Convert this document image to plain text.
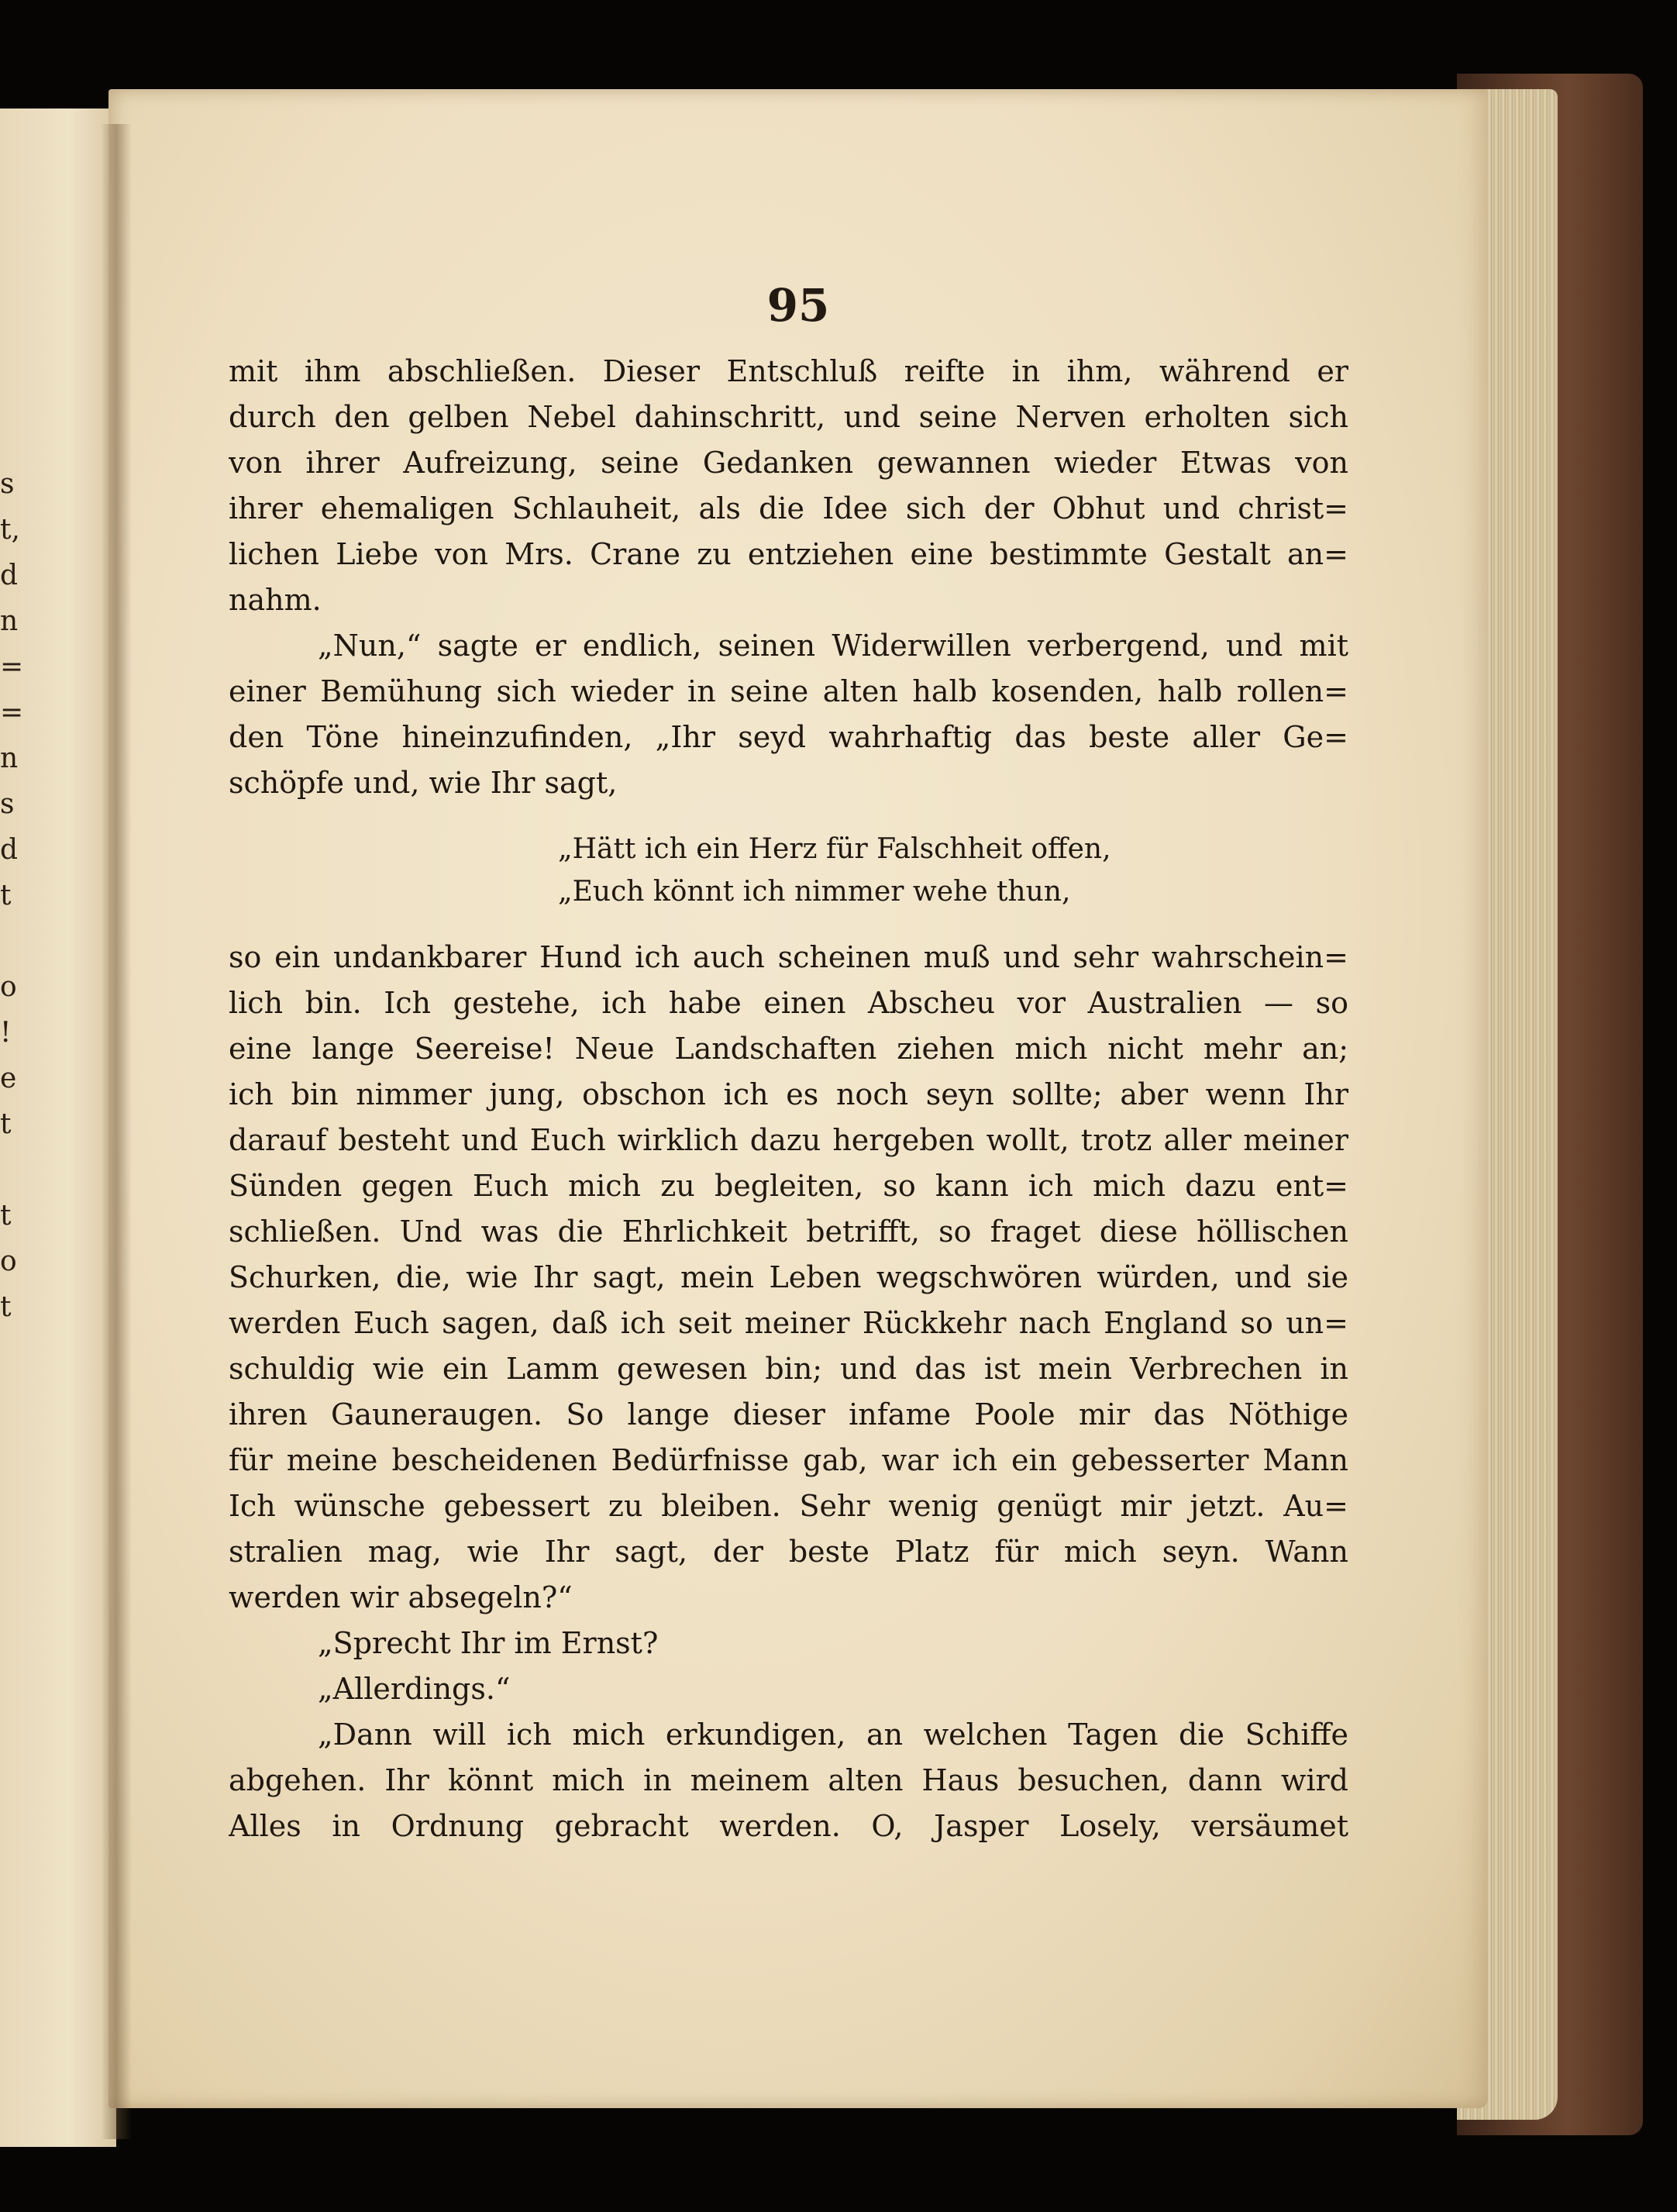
s
t,
d
n
=
=
n
s
d
t
o
!
e
t
t
o
t
95
mit ihm abschließen. Dieser Entschluß reifte in ihm, während er
durch den gelben Nebel dahinschritt, und seine Nerven erholten sich
von ihrer Aufreizung, seine Gedanken gewannen wieder Etwas von
ihrer ehemaligen Schlauheit, als die Idee sich der Obhut und christ=
lichen Liebe von Mrs. Crane zu entziehen eine bestimmte Gestalt an=
nahm.
„Nun,“ sagte er endlich, seinen Widerwillen verbergend, und mit
einer Bemühung sich wieder in seine alten halb kosenden, halb rollen=
den Töne hineinzufinden, „Ihr seyd wahrhaftig das beste aller Ge=
schöpfe und, wie Ihr sagt,
„Hätt ich ein Herz für Falschheit offen,
„Euch könnt ich nimmer wehe thun,
so ein undankbarer Hund ich auch scheinen muß und sehr wahrschein=
lich bin. Ich gestehe, ich habe einen Abscheu vor Australien — so
eine lange Seereise! Neue Landschaften ziehen mich nicht mehr an;
ich bin nimmer jung, obschon ich es noch seyn sollte; aber wenn Ihr
darauf besteht und Euch wirklich dazu hergeben wollt, trotz aller meiner
Sünden gegen Euch mich zu begleiten, so kann ich mich dazu ent=
schließen. Und was die Ehrlichkeit betrifft, so fraget diese höllischen
Schurken, die, wie Ihr sagt, mein Leben wegschwören würden, und sie
werden Euch sagen, daß ich seit meiner Rückkehr nach England so un=
schuldig wie ein Lamm gewesen bin; und das ist mein Verbrechen in
ihren Gauneraugen. So lange dieser infame Poole mir das Nöthige
für meine bescheidenen Bedürfnisse gab, war ich ein gebesserter Mann
Ich wünsche gebessert zu bleiben. Sehr wenig genügt mir jetzt. Au=
stralien mag, wie Ihr sagt, der beste Platz für mich seyn. Wann
werden wir absegeln?“
„Sprecht Ihr im Ernst?
„Allerdings.“
„Dann will ich mich erkundigen, an welchen Tagen die Schiffe
abgehen. Ihr könnt mich in meinem alten Haus besuchen, dann wird
Alles in Ordnung gebracht werden. O, Jasper Losely, versäumet
